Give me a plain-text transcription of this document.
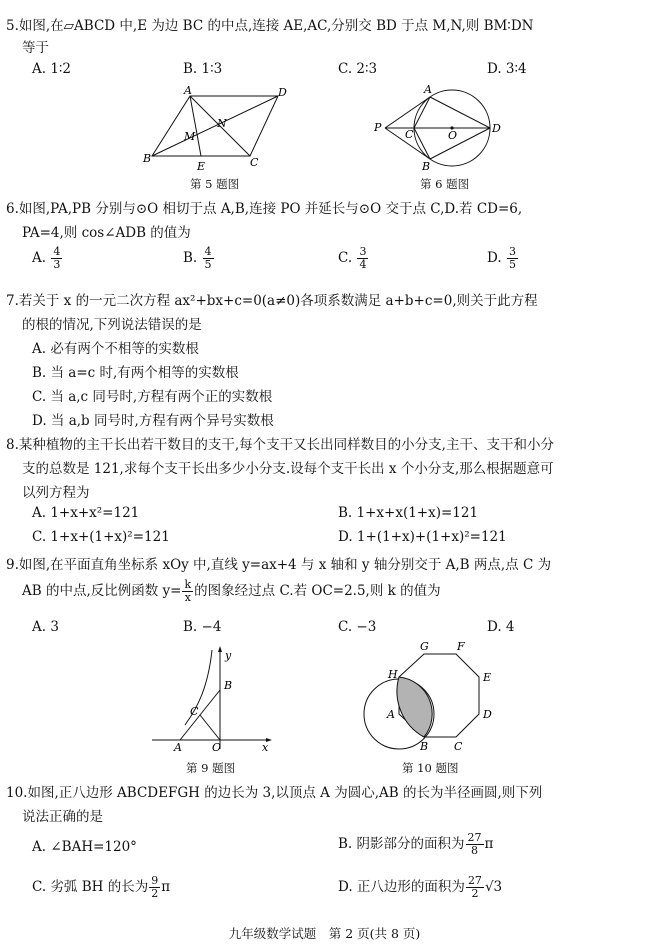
5.如图,在▱ABCD 中,E 为边 BC 的中点,连接 AE,AC,分别交 BD 于点 M,N,则 BM∶DN
等于
A. 1∶2	B. 1∶3	C. 2∶3	D. 3∶4
A	D
B
E	C
M
N
第 5 题图
A
P
C	O
D
B
第 6 题图
6.如图,PA,PB 分别与⊙O 相切于点 A,B,连接 PO 并延长与⊙O 交于点 C,D.若 CD=6,
PA=4,则 cos∠ADB 的值为
A. $\frac{4}{3}$	B. $\frac{4}{5}$	C. $\frac{3}{4}$	D. $\frac{3}{5}$
7.若关于 x 的一元二次方程 ax²+bx+c=0(a≠0)各项系数满足 a+b+c=0,则关于此方程
的根的情况,下列说法错误的是
A. 必有两个不相等的实数根
B. 当 a=c 时,有两个相等的实数根
C. 当 a,c 同号时,方程有两个正的实数根
D. 当 a,b 同号时,方程有两个异号实数根
8.某种植物的主干长出若干数目的支干,每个支干又长出同样数目的小分支,主干、支干和小分
支的总数是 121,求每个支干长出多少小分支.设每个支干长出 x 个小分支,那么根据题意可
以列方程为
A. 1+x+x²=121	B. 1+x+x(1+x)=121
C. 1+x+(1+x)²=121	D. 1+(1+x)+(1+x)²=121
9.如图,在平面直角坐标系 xOy 中,直线 y=ax+4 与 x 轴和 y 轴分别交于 A,B 两点,点 C 为
AB 的中点,反比例函数 $y= \frac{k}{x}$ 的图象经过点 C.若 OC=2.5,则 k 的值为
A. 3	B. −4	C. −3	D. 4
y
B
C
A	O	x
第 9 题图
G	F
H	E
A	D
B C
第 10 题图
10.如图,正八边形 ABCDEFGH 的边长为 3,以顶点 A 为圆心,AB 的长为半径画圆,则下列
说法正确的是
A. ∠BAH=120°	B. 阴影部分的面积为 $\frac{27}{8}$ π
C. 劣弧 BH 的长为 $\frac{9}{2}$ π	D. 正八边形的面积为 $\frac{27}{2} √3$
九年级数学试题　第 2 页(共 8 页)
